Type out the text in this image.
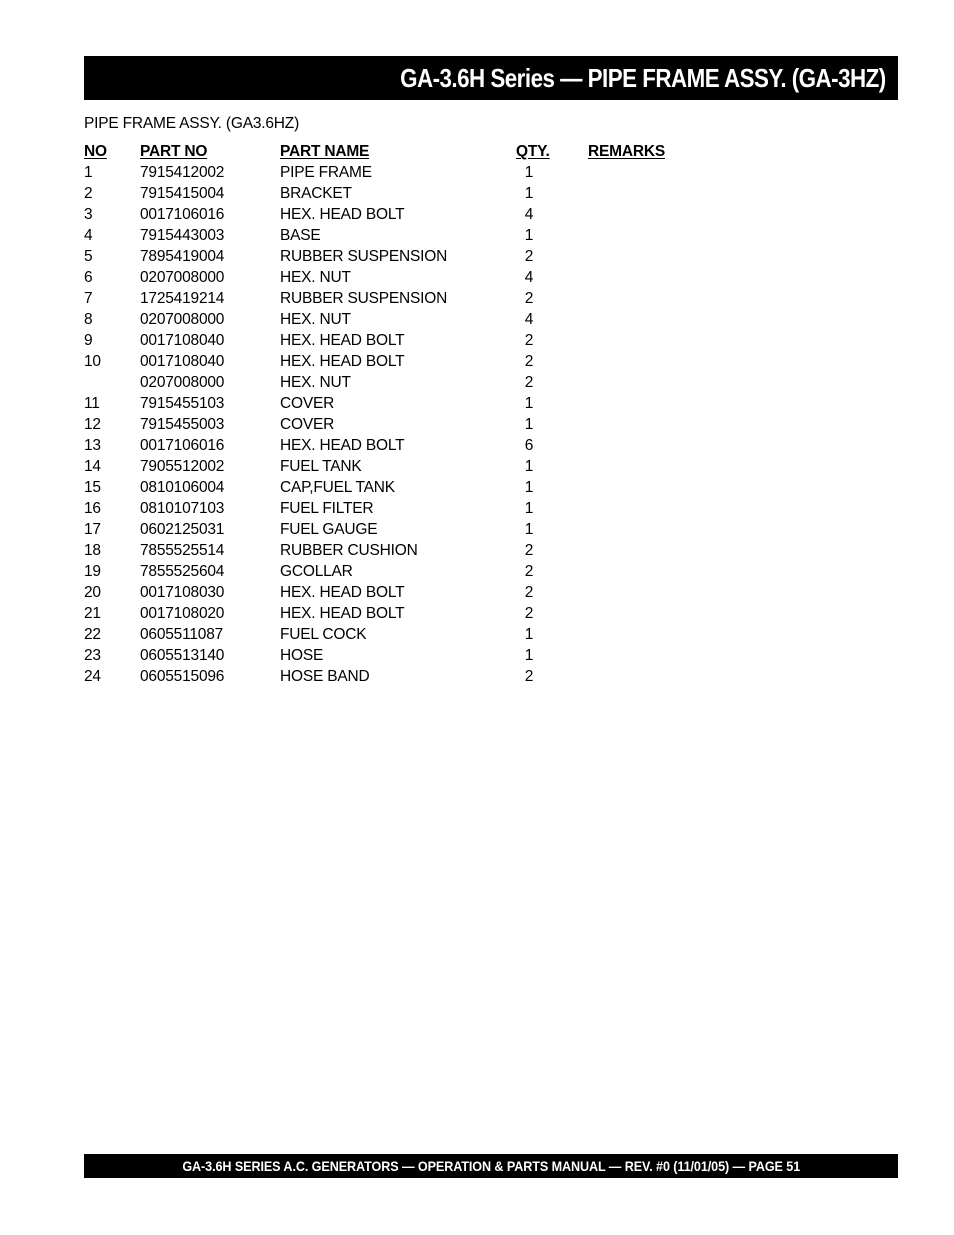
GA-3.6H Series — PIPE FRAME ASSY. (GA-3HZ)
PIPE FRAME ASSY. (GA3.6HZ)
NO PART NO	PART NAME	QTY. REMARKS
1	7915412002	PIPE FRAME	1
2	7915415004	BRACKET	1
3	0017106016	HEX. HEAD BOLT	4
4	7915443003	BASE	1
5	7895419004	RUBBER SUSPENSION	2
6	0207008000	HEX. NUT	4
7	1725419214	RUBBER SUSPENSION	2
8	0207008000	HEX. NUT	4
9	0017108040	HEX. HEAD BOLT	2
10	0017108040	HEX. HEAD BOLT	2
0207008000	HEX. NUT	2
11	7915455103	COVER	1
12	7915455003	COVER	1
13	0017106016	HEX. HEAD BOLT	6
14	7905512002	FUEL TANK	1
15	0810106004	CAP,FUEL TANK	1
16	0810107103	FUEL FILTER	1
17	0602125031	FUEL GAUGE	1
18	7855525514	RUBBER CUSHION	2
19	7855525604	GCOLLAR	2
20	0017108030	HEX. HEAD BOLT	2
21	0017108020	HEX. HEAD BOLT	2
22	0605511087	FUEL COCK	1
23	0605513140	HOSE	1
24	0605515096	HOSE BAND	2
GA-3.6H SERIES A.C. GENERATORS — OPERATION & PARTS MANUAL — REV. #0 (11/01/05) — PAGE 51
